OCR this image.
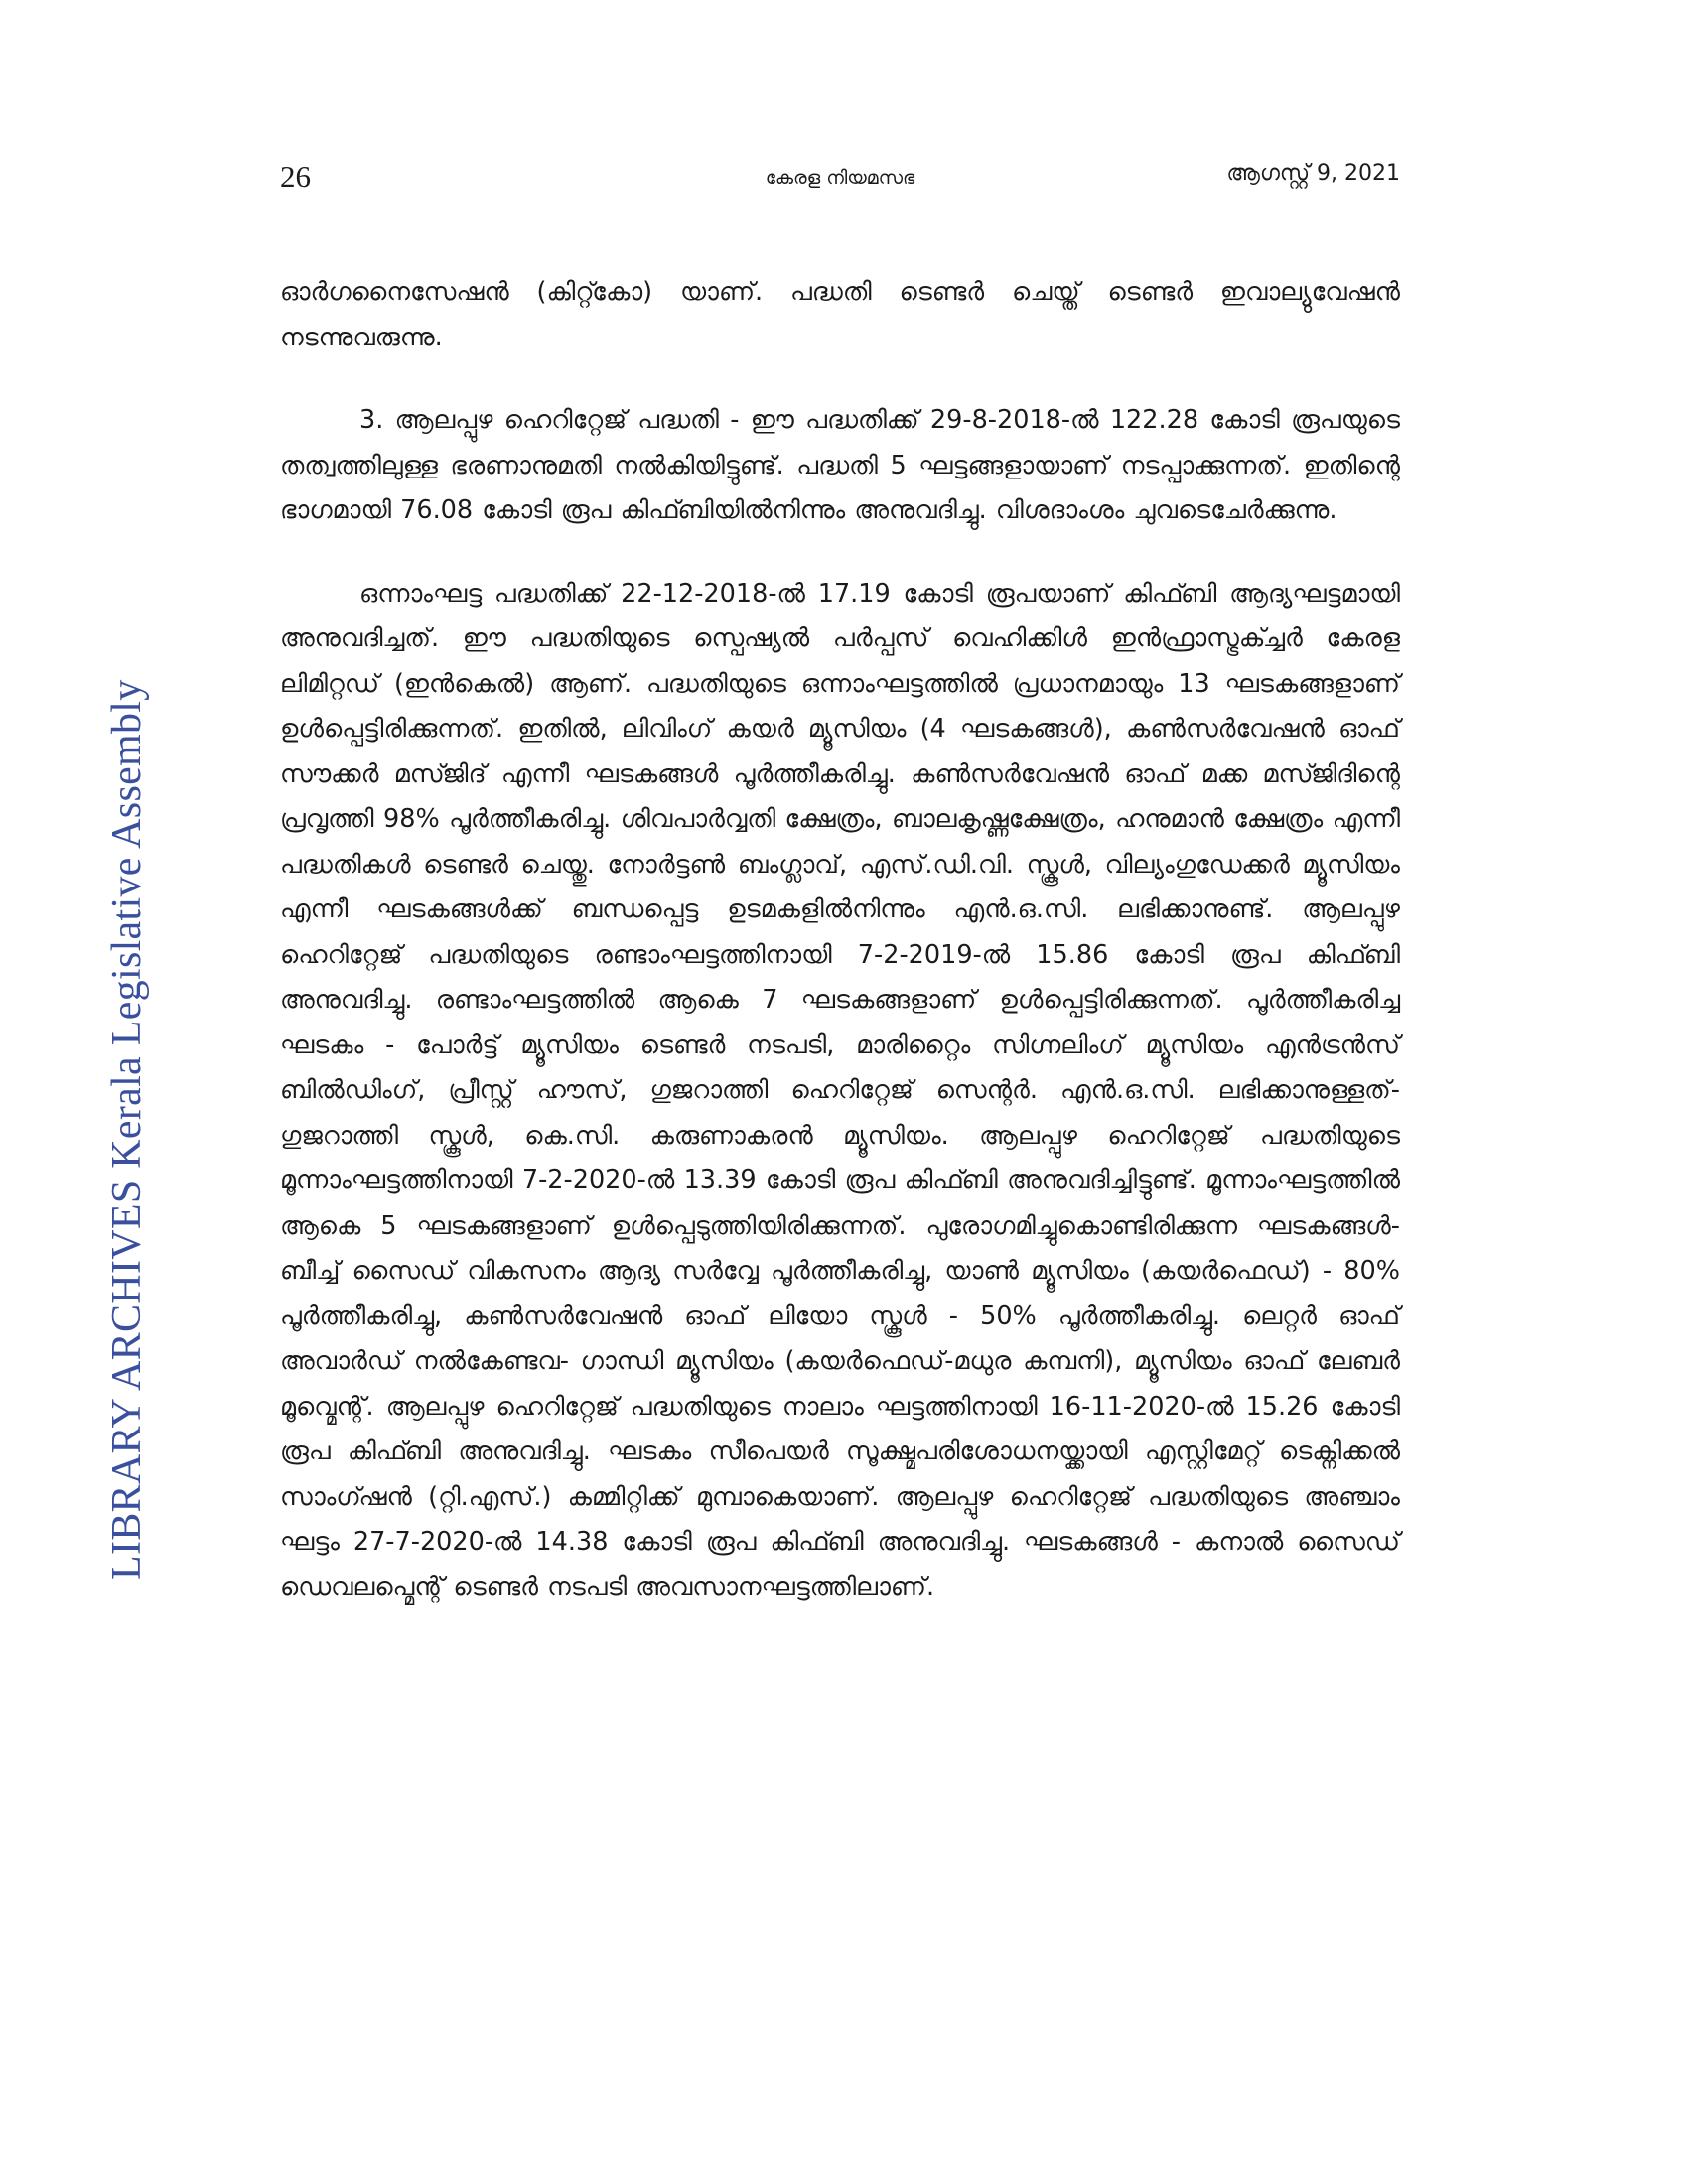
26	കേരള നിയമസഭ	ആഗസ്റ്റ് 9, 2021
LIBRARY ARCHIVES Kerala Legislative Assembly

ഓർഗനൈസേഷൻ (കിറ്റ്കോ) യാണ്. പദ്ധതി ടെണ്ടർ ചെയ്ത് ടെണ്ടർ ഇവാല്യുവേഷൻ നടന്നുവരുന്നു.

3. ആലപ്പുഴ ഹെറിറ്റേജ് പദ്ധതി - ഈ പദ്ധതിക്ക് 29-8-2018-ൽ 122.28 കോടി രൂപയുടെ തത്വത്തിലുള്ള ഭരണാനുമതി നൽകിയിട്ടുണ്ട്. പദ്ധതി 5 ഘട്ടങ്ങളായാണ് നടപ്പാക്കുന്നത്. ഇതിന്റെ ഭാഗമായി 76.08 കോടി രൂപ കിഫ്ബിയിൽനിന്നും അനുവദിച്ചു. വിശദാംശം ചുവടെചേർക്കുന്നു.

ഒന്നാംഘട്ട പദ്ധതിക്ക് 22-12-2018-ൽ 17.19 കോടി രൂപയാണ് കിഫ്ബി ആദ്യഘട്ടമായി അനുവദിച്ചത്. ഈ പദ്ധതിയുടെ സ്പെഷ്യൽ പർപ്പസ് വെഹിക്കിൾ ഇൻഫ്രാസ്ട്രക്ച്ചർ കേരള ലിമിറ്റഡ് (ഇൻകെൽ) ആണ്. പദ്ധതിയുടെ ഒന്നാംഘട്ടത്തിൽ പ്രധാനമായും 13 ഘടകങ്ങളാണ് ഉൾപ്പെട്ടിരിക്കുന്നത്. ഇതിൽ, ലിവിംഗ് കയർ മ്യൂസിയം (4 ഘടകങ്ങൾ), കൺസർവേഷൻ ഓഫ് സൗക്കർ മസ്ജിദ് എന്നീ ഘടകങ്ങൾ പൂർത്തീകരിച്ചു. കൺസർവേഷൻ ഓഫ് മക്ക മസ്ജിദിന്റെ പ്രവൃത്തി 98% പൂർത്തീകരിച്ചു. ശിവപാർവ്വതി ക്ഷേത്രം, ബാലകൃഷ്ണക്ഷേത്രം, ഹനുമാൻ ക്ഷേത്രം എന്നീ പദ്ധതികൾ ടെണ്ടർ ചെയ്തു. നോർട്ടൺ ബംഗ്ലാവ്, എസ്.ഡി.വി. സ്കൂൾ, വില്യംഗുഡേക്കർ മ്യൂസിയം എന്നീ ഘടകങ്ങൾക്ക് ബന്ധപ്പെട്ട ഉടമകളിൽനിന്നും എൻ.ഒ.സി. ലഭിക്കാനുണ്ട്. ആലപ്പുഴ ഹെറിറ്റേജ് പദ്ധതിയുടെ രണ്ടാംഘട്ടത്തിനായി 7-2-2019-ൽ 15.86 കോടി രൂപ കിഫ്ബി അനുവദിച്ചു. രണ്ടാംഘട്ടത്തിൽ ആകെ 7 ഘടകങ്ങളാണ് ഉൾപ്പെട്ടിരിക്കുന്നത്. പൂർത്തീകരിച്ച ഘടകം - പോർട്ട് മ്യൂസിയം ടെണ്ടർ നടപടി, മാരിറ്റൈം സിഗ്നലിംഗ് മ്യൂസിയം എന്‍ട്രൻസ് ബിൽഡിംഗ്, പ്രീസ്റ്റ് ഹൗസ്, ഗുജറാത്തി ഹെറിറ്റേജ് സെന്റർ. എൻ.ഒ.സി. ലഭിക്കാനുള്ളത്- ഗുജറാത്തി സ്കൂൾ, കെ.സി. കരുണാകരൻ മ്യൂസിയം. ആലപ്പുഴ ഹെറിറ്റേജ് പദ്ധതിയുടെ മൂന്നാംഘട്ടത്തിനായി 7-2-2020-ൽ 13.39 കോടി രൂപ കിഫ്ബി അനുവദിച്ചിട്ടുണ്ട്. മൂന്നാംഘട്ടത്തിൽ ആകെ 5 ഘടകങ്ങളാണ് ഉൾപ്പെടുത്തിയിരിക്കുന്നത്. പുരോഗമിച്ചുകൊണ്ടിരിക്കുന്ന ഘടകങ്ങൾ-ബീച്ച് സൈഡ് വികസനം ആദ്യ സർവ്വേ പൂർത്തീകരിച്ചു, യാൺ മ്യൂസിയം (കയർഫെഡ്) - 80% പൂർത്തീകരിച്ചു, കൺസർവേഷൻ ഓഫ് ലിയോ സ്കൂൾ - 50% പൂർത്തീകരിച്ചു. ലെറ്റർ ഓഫ് അവാർഡ് നൽകേണ്ടവ- ഗാന്ധി മ്യൂസിയം (കയർഫെഡ്-മധുര കമ്പനി), മ്യൂസിയം ഓഫ് ലേബർ മൂവ്മെന്റ്. ആലപ്പുഴ ഹെറിറ്റേജ് പദ്ധതിയുടെ നാലാം ഘട്ടത്തിനായി 16-11-2020-ൽ 15.26 കോടി രൂപ കിഫ്ബി അനുവദിച്ചു. ഘടകം സീപെയർ സൂക്ഷ്മപരിശോധനയ്ക്കായി എസ്റ്റിമേറ്റ് ടെക്നിക്കൽ സാംഗ്ഷൻ (റ്റി.എസ്.) കമ്മിറ്റിക്ക് മുമ്പാകെയാണ്. ആലപ്പുഴ ഹെറിറ്റേജ് പദ്ധതിയുടെ അഞ്ചാം ഘട്ടം 27-7-2020-ൽ 14.38 കോടി രൂപ കിഫ്ബി അനുവദിച്ചു. ഘടകങ്ങൾ - കനാൽ സൈഡ് ഡെവലപ്മെന്റ് ടെണ്ടർ നടപടി അവസാനഘട്ടത്തിലാണ്.
